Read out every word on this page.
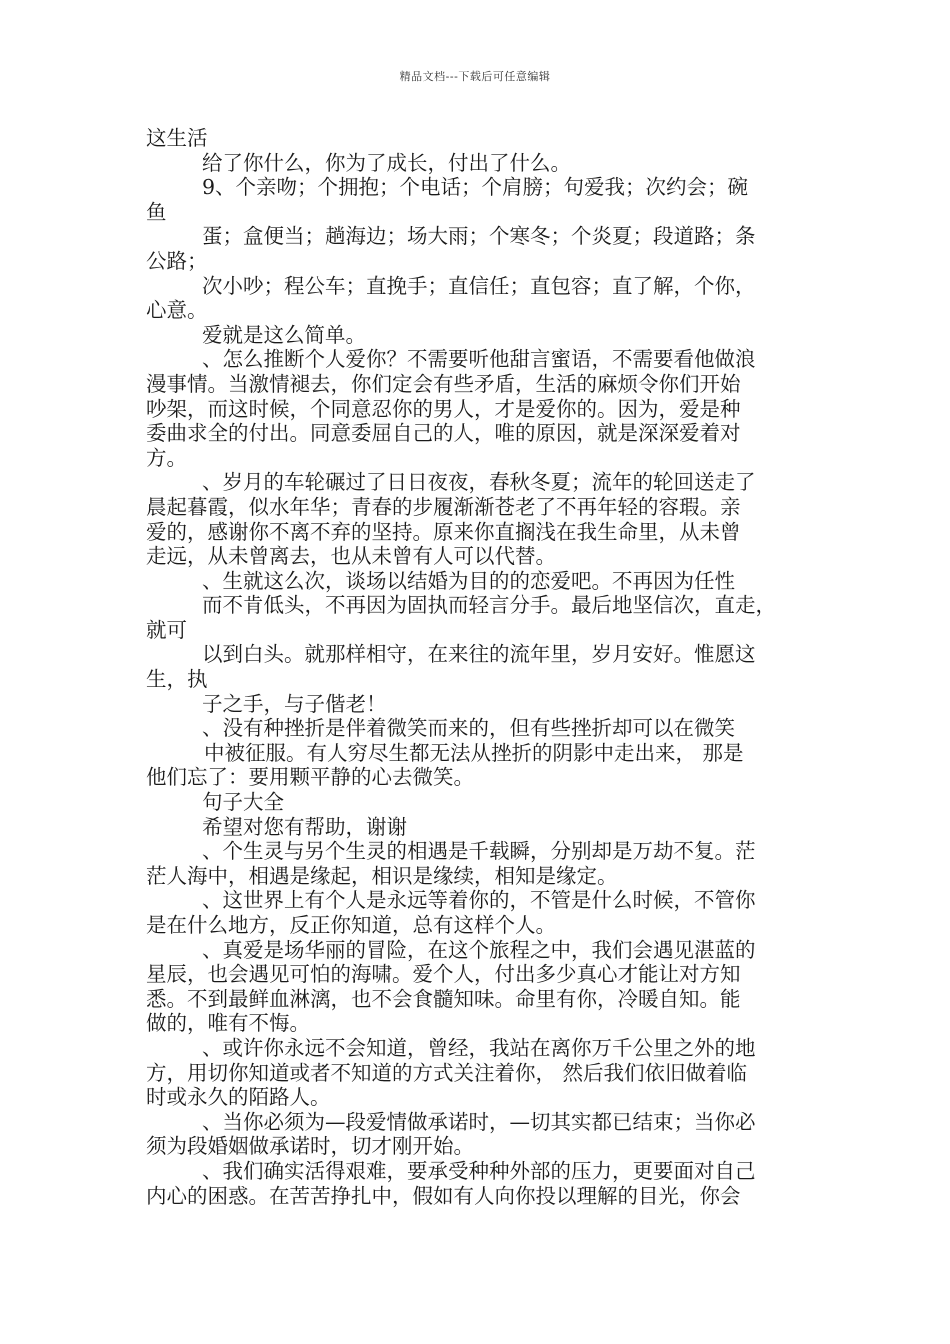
精品文档---下载后可任意编辑
这生活
给了你什么，你为了成长，付出了什么。
9、个亲吻；个拥抱；个电话；个肩膀；句爱我；次约会；碗
鱼
蛋；盒便当；趟海边；场大雨；个寒冬；个炎夏；段道路；条
公路；
次小吵；程公车；直挽手；直信任；直包容；直了解，个你，
心意。
爱就是这么简单。
、怎么推断个人爱你？不需要听他甜言蜜语，不需要看他做浪
漫事情。当激情褪去，你们定会有些矛盾，生活的麻烦令你们开始
吵架，而这时候，个同意忍你的男人，才是爱你的。因为，爱是种
委曲求全的付出。同意委屈自己的人，唯的原因，就是深深爱着对
方。
、岁月的车轮碾过了日日夜夜，春秋冬夏；流年的轮回送走了
晨起暮霞，似水年华；青春的步履渐渐苍老了不再年轻的容瑕。亲
爱的，感谢你不离不弃的坚持。原来你直搁浅在我生命里，从未曾
走远，从未曾离去，也从未曾有人可以代替。
、生就这么次，谈场以结婚为目的的恋爱吧。不再因为任性
而不肯低头，不再因为固执而轻言分手。最后地坚信次，直走，
就可
以到白头。就那样相守，在来往的流年里，岁月安好。惟愿这
生，执
子之手，与子偕老！
、没有种挫折是伴着微笑而来的，但有些挫折却可以在微笑
中被征服。有人穷尽生都无法从挫折的阴影中走出来， 那是
他们忘了：要用颗平静的心去微笑。
句子大全
希望对您有帮助，谢谢
、个生灵与另个生灵的相遇是千载瞬，分别却是万劫不复。茫
茫人海中，相遇是缘起，相识是缘续，相知是缘定。
、这世界上有个人是永远等着你的，不管是什么时候，不管你
是在什么地方，反正你知道，总有这样个人。
、真爱是场华丽的冒险，在这个旅程之中，我们会遇见湛蓝的
星辰，也会遇见可怕的海啸。爱个人，付出多少真心才能让对方知
悉。不到最鲜血淋漓，也不会食髓知味。命里有你，冷暖自知。能
做的，唯有不悔。
、或许你永远不会知道，曾经，我站在离你万千公里之外的地
方，用切你知道或者不知道的方式关注着你， 然后我们依旧做着临
时或永久的陌路人。
、当你必须为—段爱情做承诺时，—切其实都已结束；当你必
须为段婚姻做承诺时，切才刚开始。
、我们确实活得艰难，要承受种种外部的压力，更要面对自己
内心的困惑。在苦苦挣扎中，假如有人向你投以理解的目光，你会
